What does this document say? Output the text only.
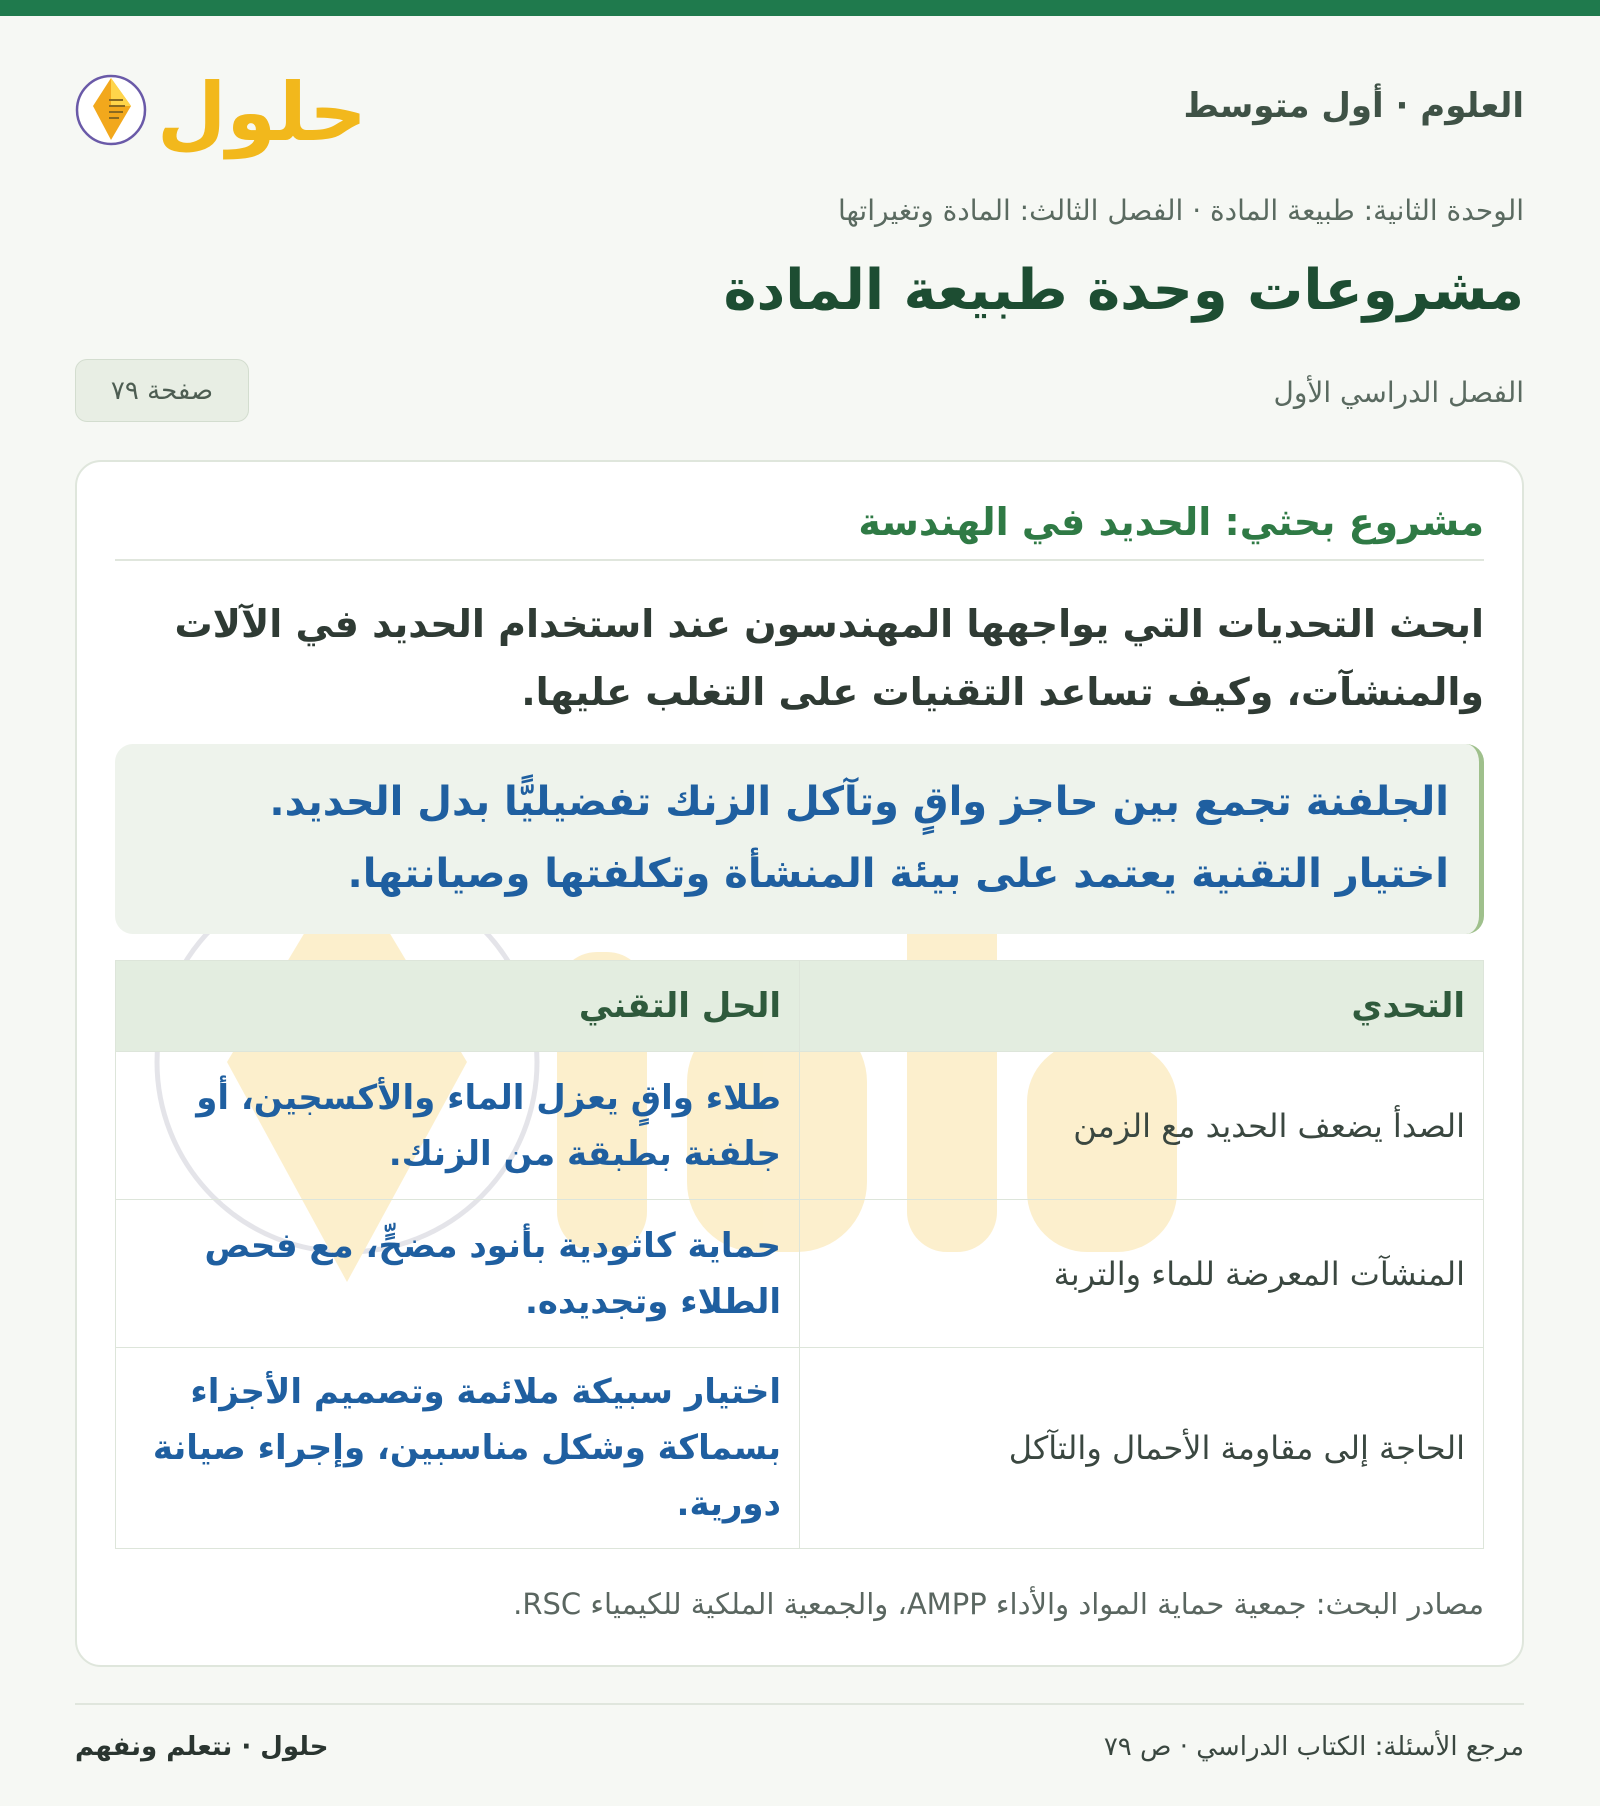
العلوم · أول متوسط
حلول
الوحدة الثانية: طبيعة المادة · الفصل الثالث: المادة وتغيراتها
مشروعات وحدة طبيعة المادة
الفصل الدراسي الأول
صفحة ٧٩
مشروع بحثي: الحديد في الهندسة

ابحث التحديات التي يواجهها المهندسون عند استخدام الحديد في الآلات والمنشآت، وكيف تساعد التقنيات على التغلب عليها.

الجلفنة تجمع بين حاجز واقٍ وتآكل الزنك تفضيليًّا بدل الحديد. اختيار التقنية يعتمد على بيئة المنشأة وتكلفتها وصيانتها.

التحدي	الحل التقني
الصدأ يضعف الحديد مع الزمن	طلاء واقٍ يعزل الماء والأكسجين، أو جلفنة بطبقة من الزنك.
المنشآت المعرضة للماء والتربة	حماية كاثودية بأنود مضحٍّ، مع فحص الطلاء وتجديده.
الحاجة إلى مقاومة الأحمال والتآكل	اختيار سبيكة ملائمة وتصميم الأجزاء بسماكة وشكل مناسبين، وإجراء صيانة دورية.
مصادر البحث: جمعية حماية المواد والأداء AMPP، والجمعية الملكية للكيمياء RSC.
مرجع الأسئلة: الكتاب الدراسي · ص ٧٩
حلول · نتعلم ونفهم
